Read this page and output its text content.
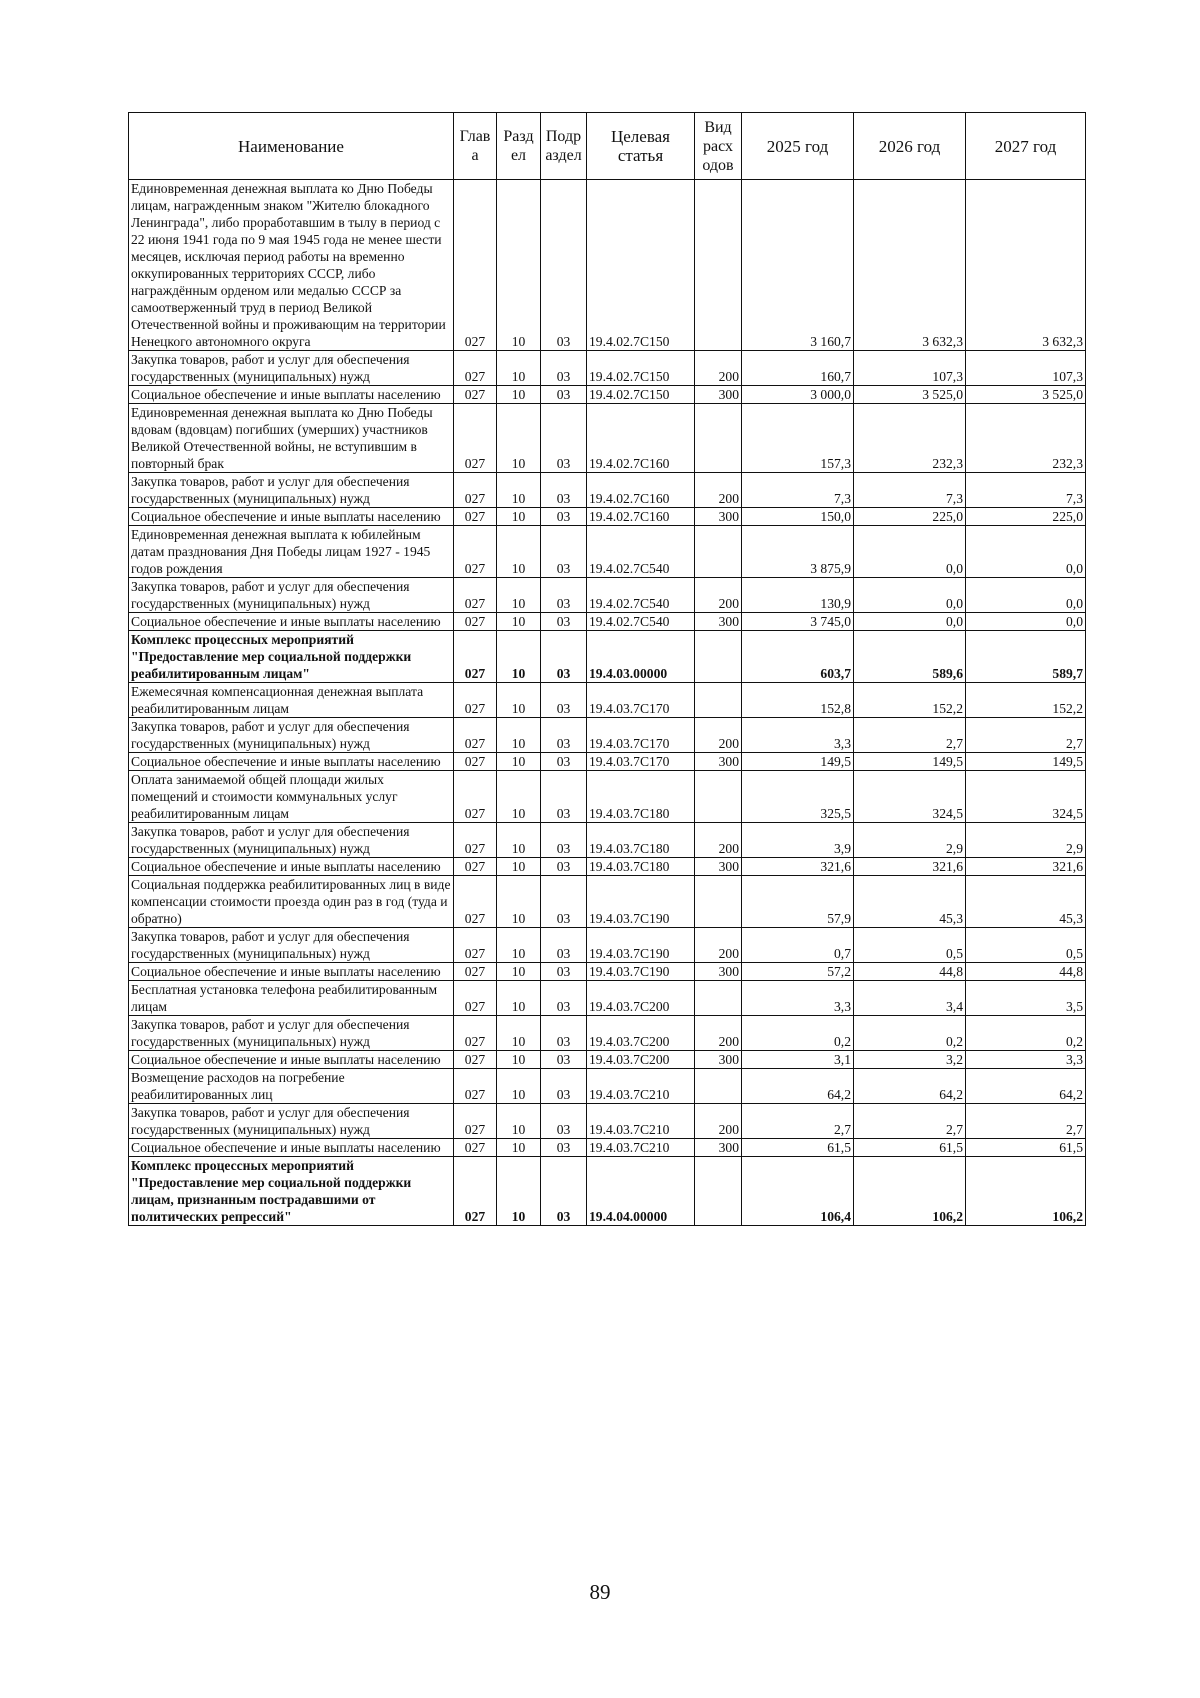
Наименование	Глав а	Разд ел	Подр аздел	Целевая статья	Вид расх одов	2025 год	2026 год	2027 год
Единовременная денежная выплата ко Дню Победы лицам, награжденным знаком "Жителю блокадного Ленинграда", либо проработавшим в тылу в период с 22 июня 1941 года по 9 мая 1945 года не менее шести месяцев, исключая период работы на временно оккупированных территориях СССР, либо награждённым орденом или медалью СССР за самоотверженный труд в период Великой Отечественной войны и проживающим на территории Ненецкого автономного округа	027	10	03	19.4.02.7С150		3 160,7	3 632,3	3 632,3
Закупка товаров, работ и услуг для обеспечения государственных (муниципальных) нужд	027	10	03	19.4.02.7С150	200	160,7	107,3	107,3
Социальное обеспечение и иные выплаты населению	027	10	03	19.4.02.7С150	300	3 000,0	3 525,0	3 525,0
Единовременная денежная выплата ко Дню Победы вдовам (вдовцам) погибших (умерших) участников Великой Отечественной войны, не вступившим в повторный брак	027	10	03	19.4.02.7С160		157,3	232,3	232,3
Закупка товаров, работ и услуг для обеспечения государственных (муниципальных) нужд	027	10	03	19.4.02.7С160	200	7,3	7,3	7,3
Социальное обеспечение и иные выплаты населению	027	10	03	19.4.02.7С160	300	150,0	225,0	225,0
Единовременная денежная выплата к юбилейным датам празднования Дня Победы лицам 1927 - 1945 годов рождения	027	10	03	19.4.02.7С540		3 875,9	0,0	0,0
Закупка товаров, работ и услуг для обеспечения государственных (муниципальных) нужд	027	10	03	19.4.02.7С540	200	130,9	0,0	0,0
Социальное обеспечение и иные выплаты населению	027	10	03	19.4.02.7С540	300	3 745,0	0,0	0,0
Комплекс процессных мероприятий "Предоставление мер социальной поддержки реабилитированным лицам"	027	10	03	19.4.03.00000		603,7	589,6	589,7
Ежемесячная компенсационная денежная выплата реабилитированным лицам	027	10	03	19.4.03.7С170		152,8	152,2	152,2
Закупка товаров, работ и услуг для обеспечения государственных (муниципальных) нужд	027	10	03	19.4.03.7С170	200	3,3	2,7	2,7
Социальное обеспечение и иные выплаты населению	027	10	03	19.4.03.7С170	300	149,5	149,5	149,5
Оплата занимаемой общей площади жилых помещений и стоимости коммунальных услуг реабилитированным лицам	027	10	03	19.4.03.7С180		325,5	324,5	324,5
Закупка товаров, работ и услуг для обеспечения государственных (муниципальных) нужд	027	10	03	19.4.03.7С180	200	3,9	2,9	2,9
Социальное обеспечение и иные выплаты населению	027	10	03	19.4.03.7С180	300	321,6	321,6	321,6
Социальная поддержка реабилитированных лиц в виде компенсации стоимости проезда один раз в год (туда и обратно)	027	10	03	19.4.03.7С190		57,9	45,3	45,3
Закупка товаров, работ и услуг для обеспечения государственных (муниципальных) нужд	027	10	03	19.4.03.7С190	200	0,7	0,5	0,5
Социальное обеспечение и иные выплаты населению	027	10	03	19.4.03.7С190	300	57,2	44,8	44,8
Бесплатная установка телефона реабилитированным лицам	027	10	03	19.4.03.7С200		3,3	3,4	3,5
Закупка товаров, работ и услуг для обеспечения государственных (муниципальных) нужд	027	10	03	19.4.03.7С200	200	0,2	0,2	0,2
Социальное обеспечение и иные выплаты населению	027	10	03	19.4.03.7С200	300	3,1	3,2	3,3
Возмещение расходов на погребение реабилитированных лиц	027	10	03	19.4.03.7С210		64,2	64,2	64,2
Закупка товаров, работ и услуг для обеспечения государственных (муниципальных) нужд	027	10	03	19.4.03.7С210	200	2,7	2,7	2,7
Социальное обеспечение и иные выплаты населению	027	10	03	19.4.03.7С210	300	61,5	61,5	61,5
Комплекс процессных мероприятий "Предоставление мер социальной поддержки лицам, признанным пострадавшими от политических репрессий"	027	10	03	19.4.04.00000		106,4	106,2	106,2
89
